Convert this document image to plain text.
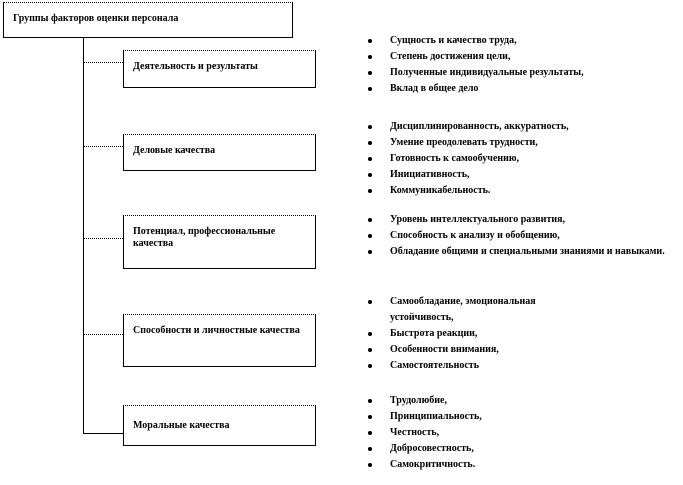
Группы факторов оценки персонала
Деятельность и результаты
Деловые качества
Потенциал, профессиональные качества
Способности и личностные качества
Моральные качества
Сущность и качество труда,
Степень достижения цели,
Полученные индивидуальные результаты,
Вклад в общее дело
Дисциплинированность, аккуратность,
Умение преодолевать трудности,
Готовность к самообучению,
Инициативность,
Коммуникабельность.
Уровень интеллектуального развития,
Способность к анализу и обобщению,
Обладание общими и специальными знаниями и навыками.
Самообладание, эмоциональная устойчивость,
Быстрота реакции,
Особенности внимания,
Самостоятельность
Трудолюбие,
Принципиальность,
Честность,
Добросовестность,
Самокритичность.
